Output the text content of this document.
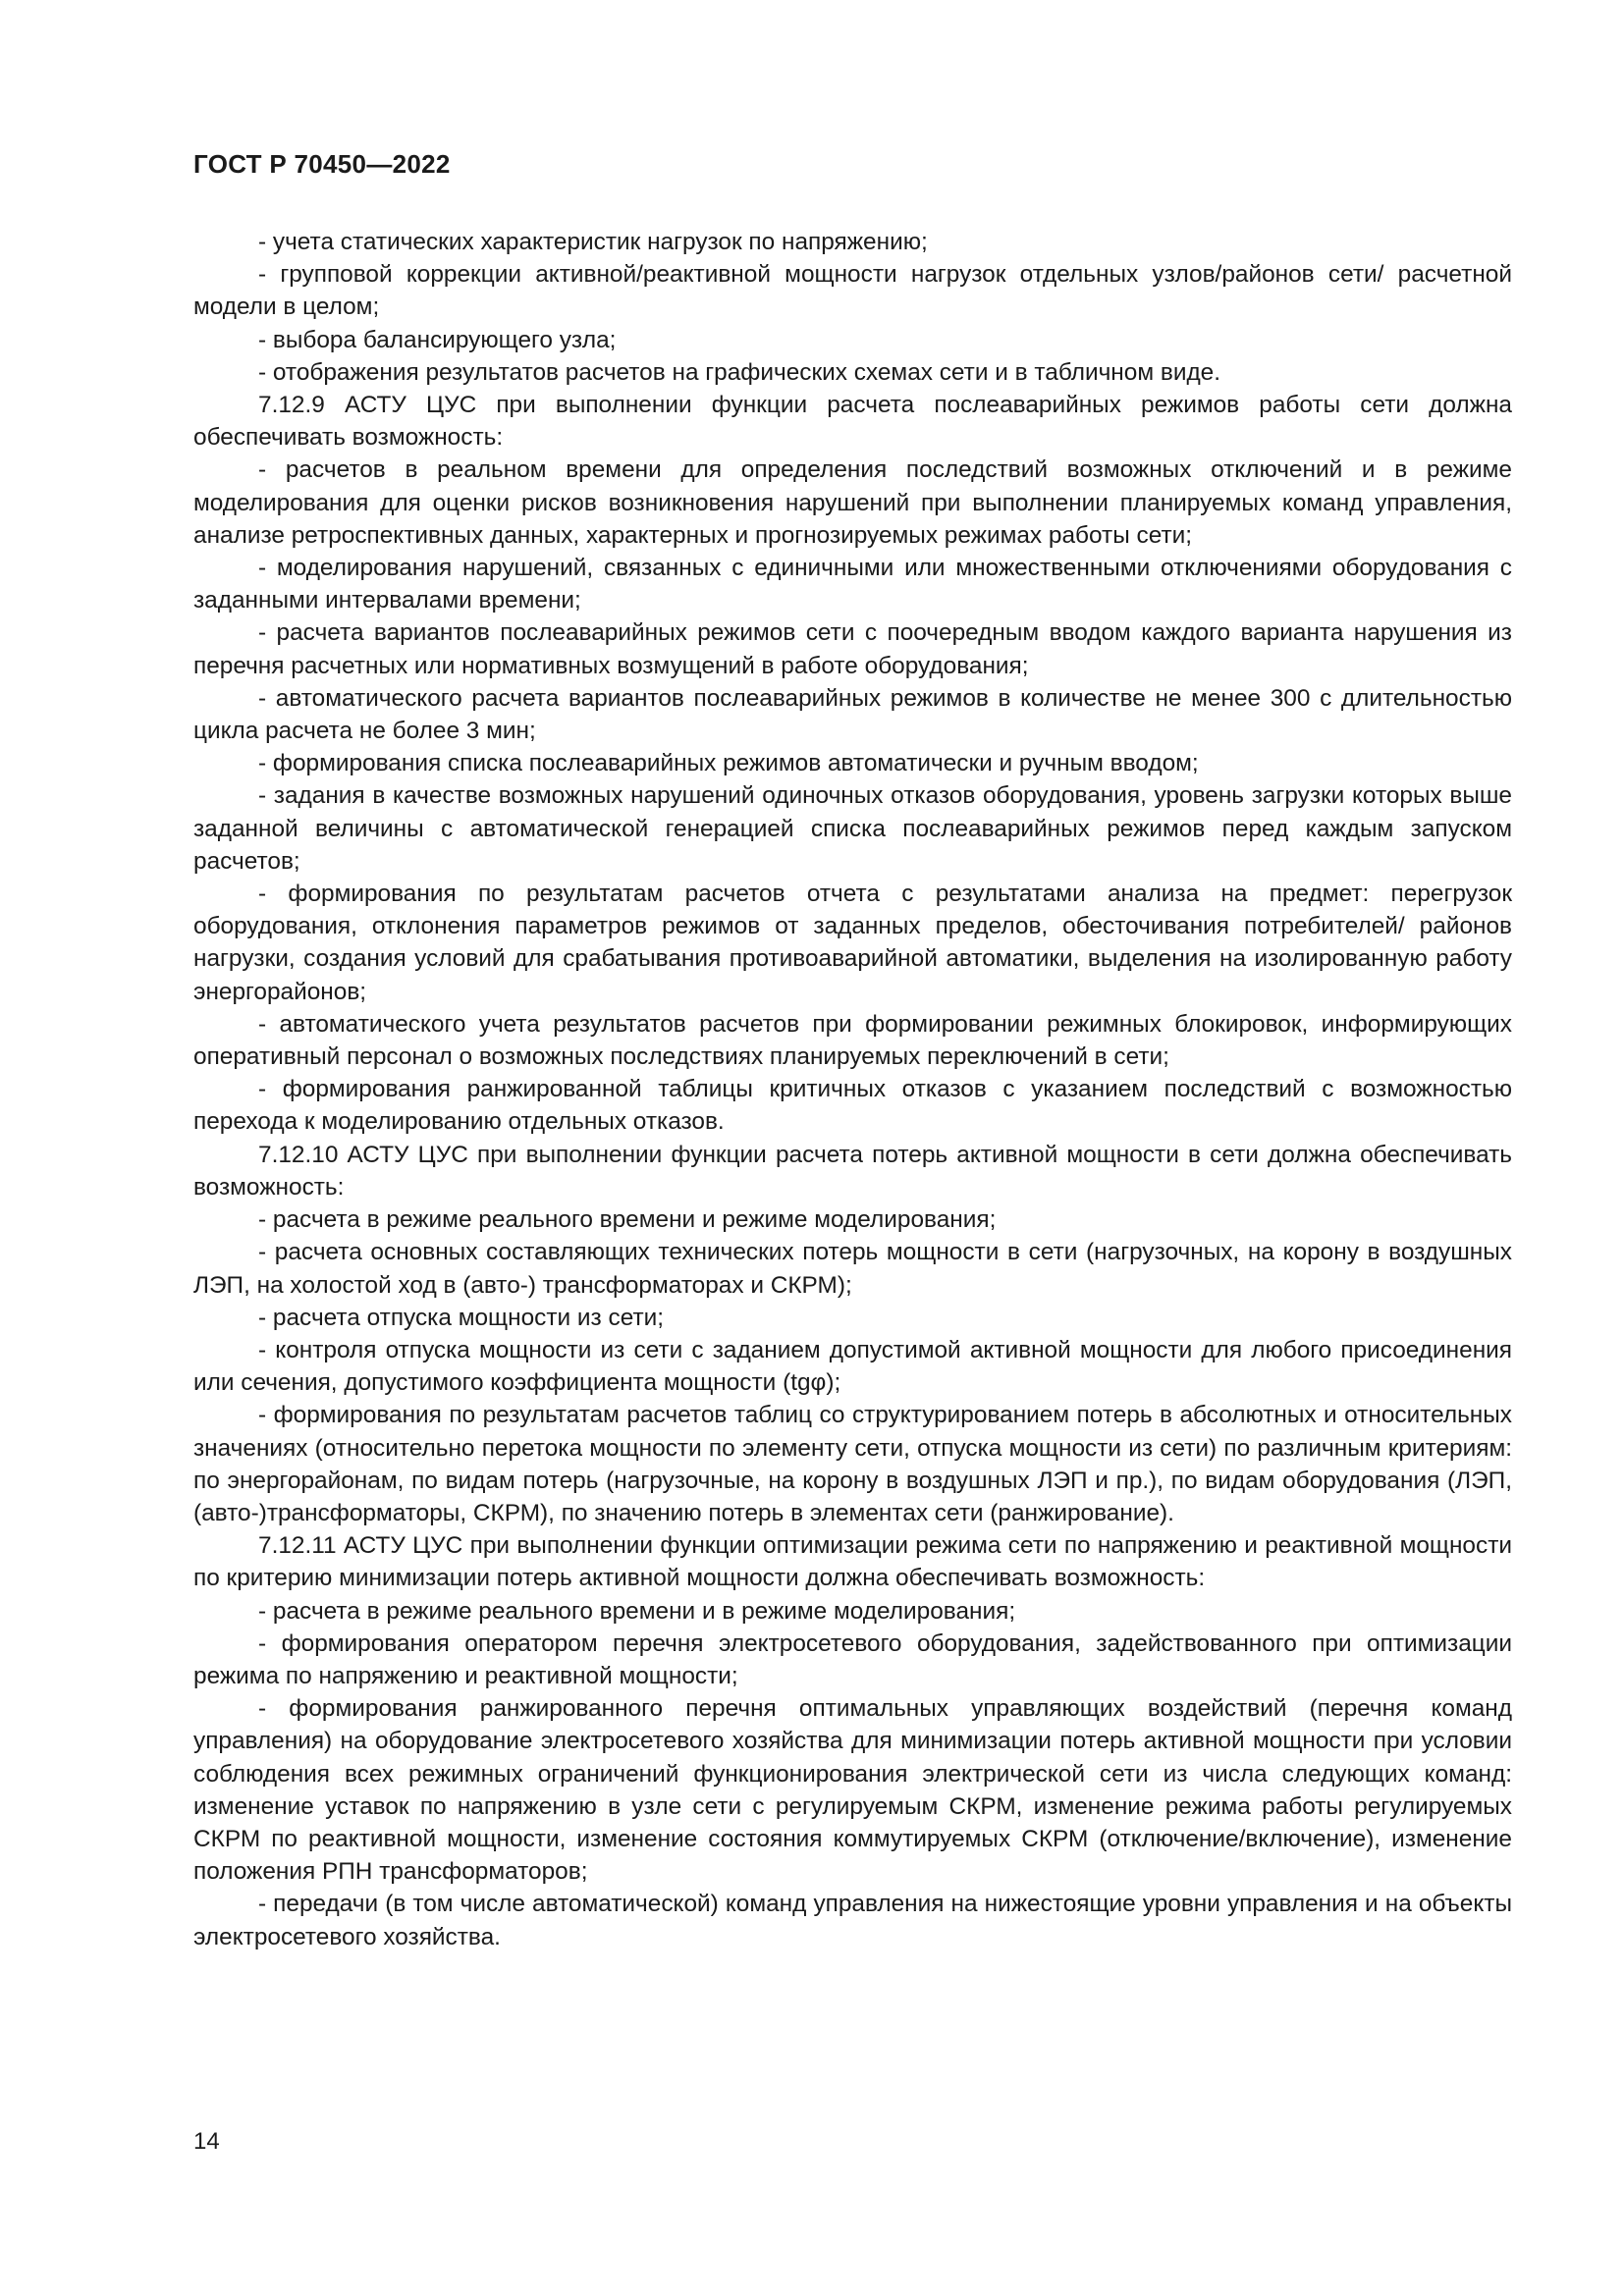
ГОСТ Р 70450—2022

- учета статических характеристик нагрузок по напряжению;

- групповой коррекции активной/реактивной мощности нагрузок отдельных узлов/районов сети/ расчетной модели в целом;

- выбора балансирующего узла;

- отображения результатов расчетов на графических схемах сети и в табличном виде.

7.12.9 АСТУ ЦУС при выполнении функции расчета послеаварийных режимов работы сети должна обеспечивать возможность:

- расчетов в реальном времени для определения последствий возможных отключений и в режиме моделирования для оценки рисков возникновения нарушений при выполнении планируемых команд управления, анализе ретроспективных данных, характерных и прогнозируемых режимах работы сети;

- моделирования нарушений, связанных с единичными или множественными отключениями оборудования с заданными интервалами времени;

- расчета вариантов послеаварийных режимов сети с поочередным вводом каждого варианта нарушения из перечня расчетных или нормативных возмущений в работе оборудования;

- автоматического расчета вариантов послеаварийных режимов в количестве не менее 300 с длительностью цикла расчета не более 3 мин;

- формирования списка послеаварийных режимов автоматически и ручным вводом;

- задания в качестве возможных нарушений одиночных отказов оборудования, уровень загрузки которых выше заданной величины с автоматической генерацией списка послеаварийных режимов перед каждым запуском расчетов;

- формирования по результатам расчетов отчета с результатами анализа на предмет: перегрузок оборудования, отклонения параметров режимов от заданных пределов, обесточивания потребителей/ районов нагрузки, создания условий для срабатывания противоаварийной автоматики, выделения на изолированную работу энергорайонов;

- автоматического учета результатов расчетов при формировании режимных блокировок, информирующих оперативный персонал о возможных последствиях планируемых переключений в сети;

- формирования ранжированной таблицы критичных отказов с указанием последствий с возможностью перехода к моделированию отдельных отказов.

7.12.10 АСТУ ЦУС при выполнении функции расчета потерь активной мощности в сети должна обеспечивать возможность:

- расчета в режиме реального времени и режиме моделирования;

- расчета основных составляющих технических потерь мощности в сети (нагрузочных, на корону в воздушных ЛЭП, на холостой ход в (авто-) трансформаторах и СКРМ);

- расчета отпуска мощности из сети;

- контроля отпуска мощности из сети с заданием допустимой активной мощности для любого присоединения или сечения, допустимого коэффициента мощности (tgφ);

- формирования по результатам расчетов таблиц со структурированием потерь в абсолютных и относительных значениях (относительно перетока мощности по элементу сети, отпуска мощности из сети) по различным критериям: по энергорайонам, по видам потерь (нагрузочные, на корону в воздушных ЛЭП и пр.), по видам оборудования (ЛЭП, (авто-)трансформаторы, СКРМ), по значению потерь в элементах сети (ранжирование).

7.12.11 АСТУ ЦУС при выполнении функции оптимизации режима сети по напряжению и реактивной мощности по критерию минимизации потерь активной мощности должна обеспечивать возможность:

- расчета в режиме реального времени и в режиме моделирования;

- формирования оператором перечня электросетевого оборудования, задействованного при оптимизации режима по напряжению и реактивной мощности;

- формирования ранжированного перечня оптимальных управляющих воздействий (перечня команд управления) на оборудование электросетевого хозяйства для минимизации потерь активной мощности при условии соблюдения всех режимных ограничений функционирования электрической сети из числа следующих команд: изменение уставок по напряжению в узле сети с регулируемым СКРМ, изменение режима работы регулируемых СКРМ по реактивной мощности, изменение состояния коммутируемых СКРМ (отключение/включение), изменение положения РПН трансформаторов;

- передачи (в том числе автоматической) команд управления на нижестоящие уровни управления и на объекты электросетевого хозяйства.

14
